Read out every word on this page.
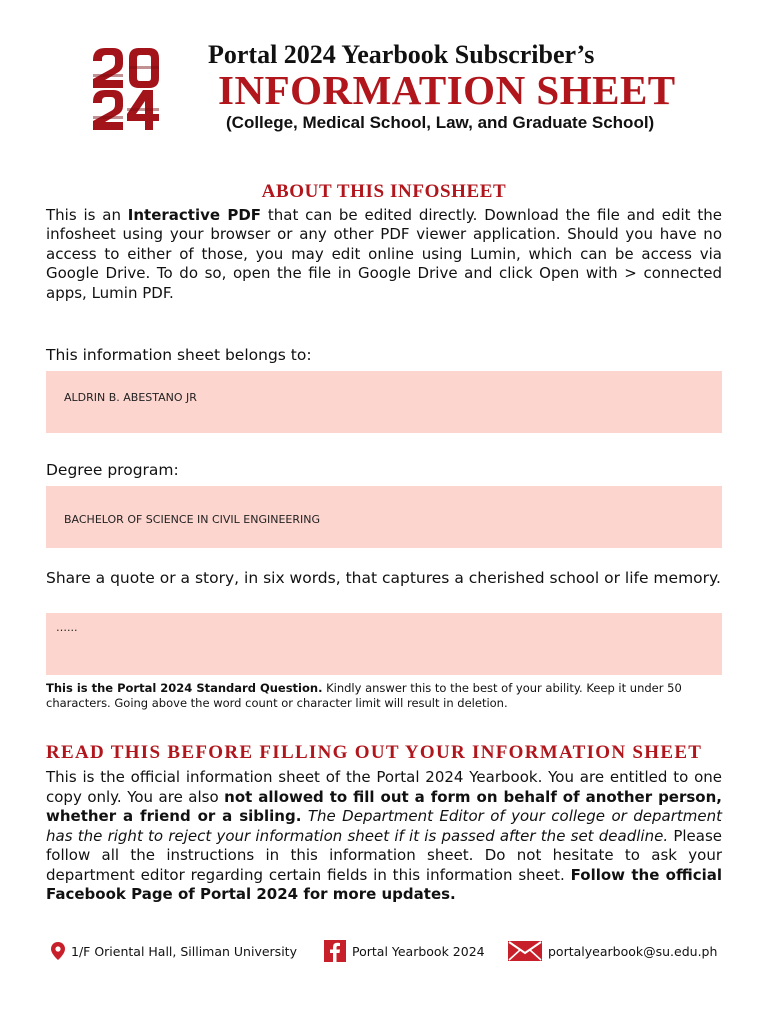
Portal 2024 Yearbook Subscriber’s
INFORMATION SHEET
(College, Medical School, Law, and Graduate School)
ABOUT THIS INFOSHEET
This is an Interactive PDF that can be edited directly. Download the file and edit the infosheet using your browser or any other PDF viewer application. Should you have no access to either of those, you may edit online using Lumin, which can be access via Google Drive. To do so, open the file in Google Drive and click Open with > connected apps, Lumin PDF.
This information sheet belongs to:
ALDRIN B. ABESTANO JR
Degree program:
BACHELOR OF SCIENCE IN CIVIL ENGINEERING
Share a quote or a story, in six words, that captures a cherished school or life memory.
…...
This is the Portal 2024 Standard Question. Kindly answer this to the best of your ability. Keep it under 50 characters. Going above the word count or character limit will result in deletion.
READ THIS BEFORE FILLING OUT YOUR INFORMATION SHEET
This is the official information sheet of the Portal 2024 Yearbook. You are entitled to one copy only. You are also not allowed to fill out a form on behalf of another person, whether a friend or a sibling. The Department Editor of your college or department has the right to reject your information sheet if it is passed after the set deadline. Please follow all the instructions in this information sheet. Do not hesitate to ask your department editor regarding certain fields in this information sheet. Follow the official Facebook Page of Portal 2024 for more updates.
1/F Oriental Hall, Silliman University	Portal Yearbook 2024	portalyearbook@su.edu.ph
